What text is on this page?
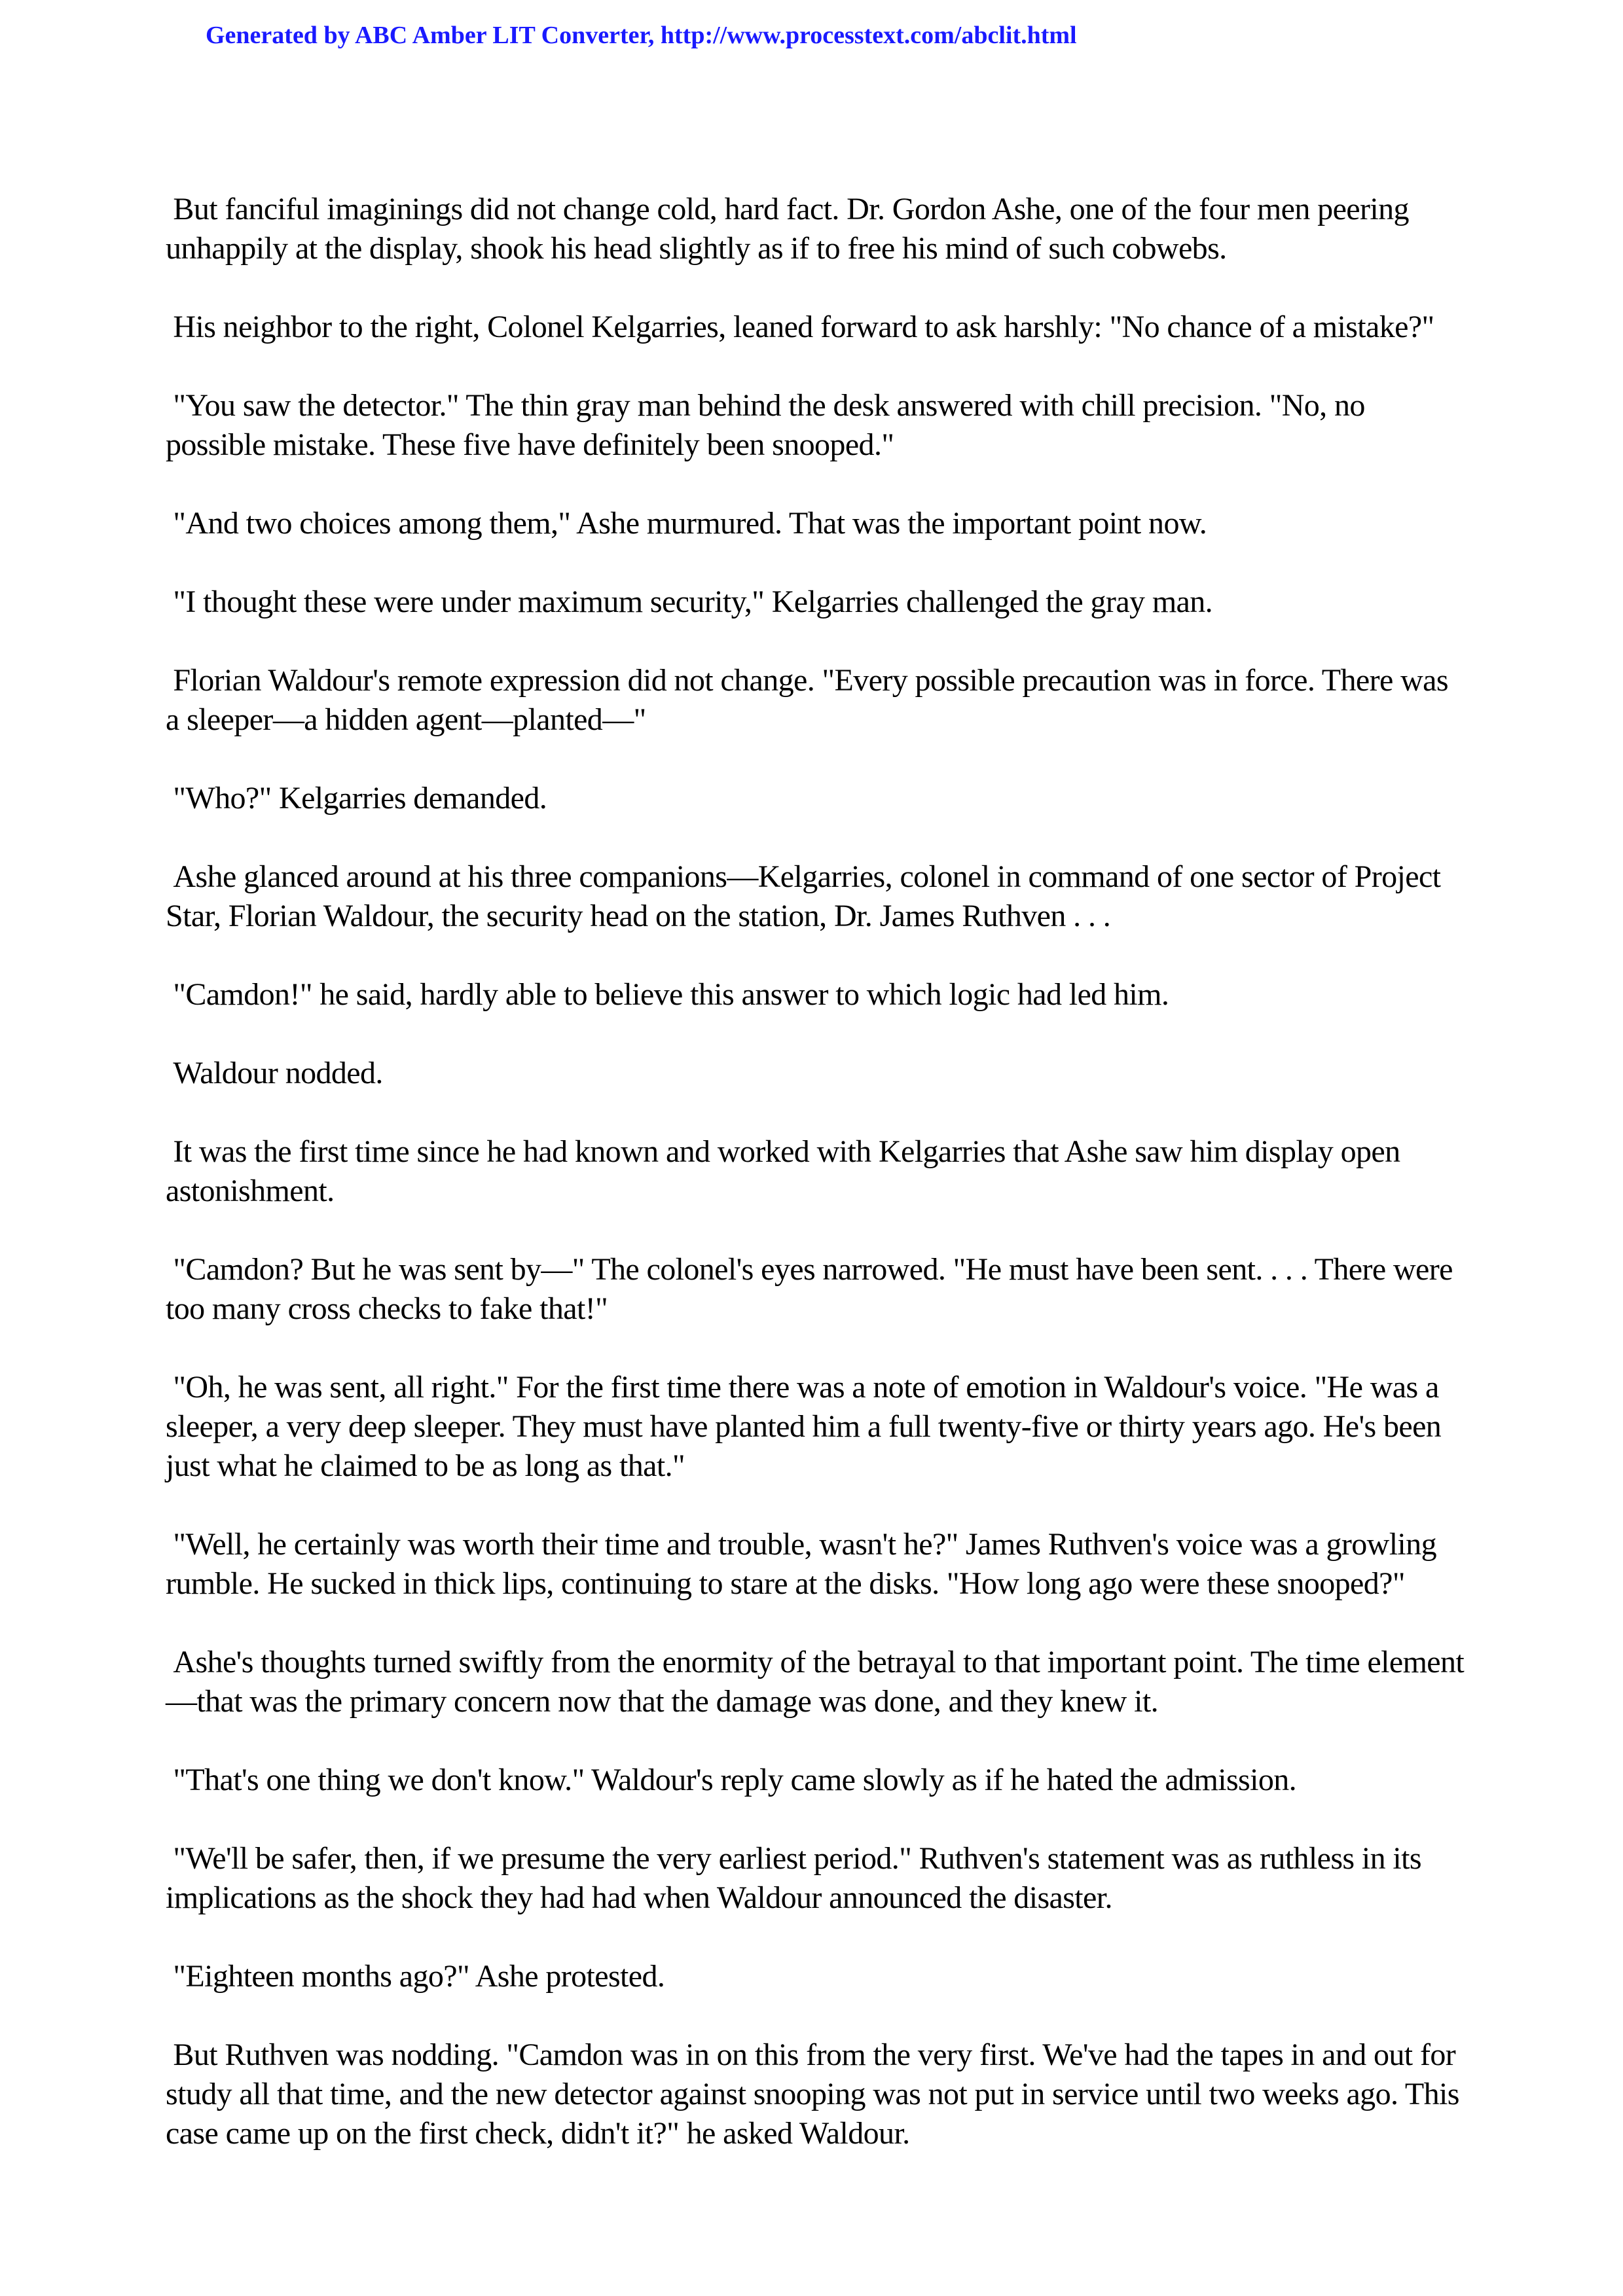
Generated by ABC Amber LIT Converter, http://www.processtext.com/abclit.html

But fanciful imaginings did not change cold, hard fact. Dr. Gordon Ashe, one of the four men peering unhappily at the display, shook his head slightly as if to free his mind of such cobwebs.

His neighbor to the right, Colonel Kelgarries, leaned forward to ask harshly: "No chance of a mistake?"

"You saw the detector." The thin gray man behind the desk answered with chill precision. "No, no possible mistake. These five have definitely been snooped."

"And two choices among them," Ashe murmured. That was the important point now.

"I thought these were under maximum security," Kelgarries challenged the gray man.

Florian Waldour's remote expression did not change. "Every possible precaution was in force. There was a sleeper—a hidden agent—planted—"

"Who?" Kelgarries demanded.

Ashe glanced around at his three companions—Kelgarries, colonel in command of one sector of Project Star, Florian Waldour, the security head on the station, Dr. James Ruthven . . .

"Camdon!" he said, hardly able to believe this answer to which logic had led him.

Waldour nodded.

It was the first time since he had known and worked with Kelgarries that Ashe saw him display open astonishment.

"Camdon? But he was sent by—" The colonel's eyes narrowed. "He must have been sent. . . . There were too many cross checks to fake that!"

"Oh, he was sent, all right." For the first time there was a note of emotion in Waldour's voice. "He was a sleeper, a very deep sleeper. They must have planted him a full twenty-five or thirty years ago. He's been just what he claimed to be as long as that."

"Well, he certainly was worth their time and trouble, wasn't he?" James Ruthven's voice was a growling rumble. He sucked in thick lips, continuing to stare at the disks. "How long ago were these snooped?"

Ashe's thoughts turned swiftly from the enormity of the betrayal to that important point. The time element—that was the primary concern now that the damage was done, and they knew it.

"That's one thing we don't know." Waldour's reply came slowly as if he hated the admission.

"We'll be safer, then, if we presume the very earliest period." Ruthven's statement was as ruthless in its implications as the shock they had had when Waldour announced the disaster.

"Eighteen months ago?" Ashe protested.

But Ruthven was nodding. "Camdon was in on this from the very first. We've had the tapes in and out for study all that time, and the new detector against snooping was not put in service until two weeks ago. This case came up on the first check, didn't it?" he asked Waldour.
